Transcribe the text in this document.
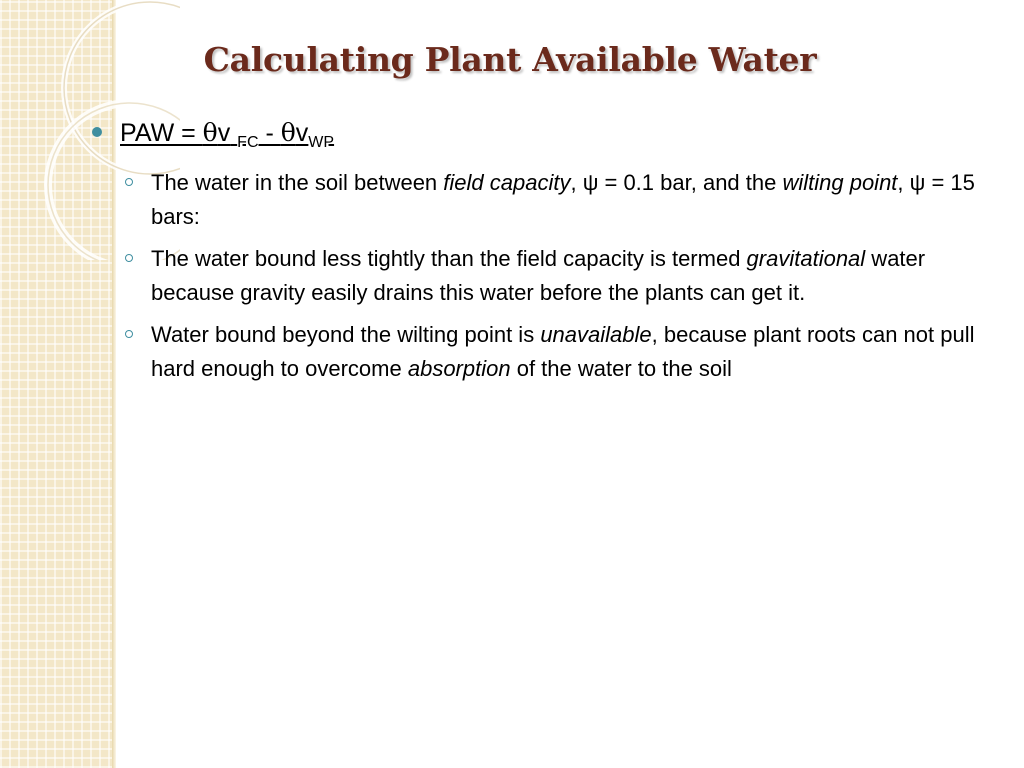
Calculating Plant Available Water
PAW = θv $_{FC} - \theta v_{WP}$
The water in the soil between field capacity, ψ = 0.1 bar, and the wilting point, ψ = 15 bars:
The water bound less tightly than the field capacity is termed gravitational water because gravity easily drains this water before the plants can get it.
Water bound beyond the wilting point is unavailable, because plant roots can not pull hard enough to overcome absorption of the water to the soil
